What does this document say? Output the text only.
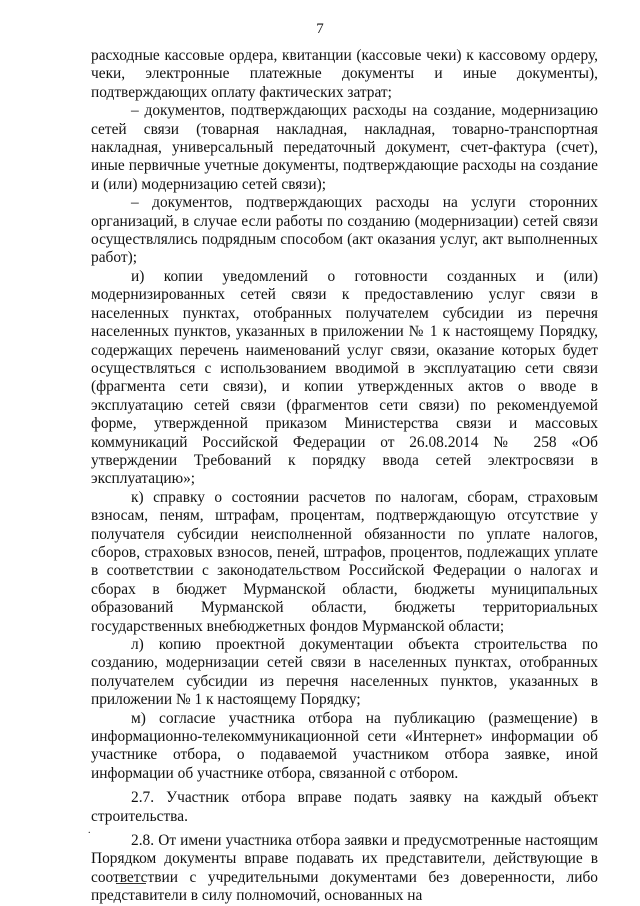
7

расходные кассовые ордера, квитанции (кассовые чеки) к кассовому ордеру, чеки, электронные платежные документы и иные документы), подтверждающих оплату фактических затрат;

– документов, подтверждающих расходы на создание, модернизацию сетей связи (товарная накладная, накладная, товарно-транспортная накладная, универсальный передаточный документ, счет-фактура (счет), иные первичные учетные документы, подтверждающие расходы на создание и (или) модернизацию сетей связи);

– документов, подтверждающих расходы на услуги сторонних организаций, в случае если работы по созданию (модернизации) сетей связи осуществлялись подрядным способом (акт оказания услуг, акт выполненных работ);

и) копии уведомлений о готовности созданных и (или) модернизированных сетей связи к предоставлению услуг связи в населенных пунктах, отобранных получателем субсидии из перечня населенных пунктов, указанных в приложении № 1 к настоящему Порядку, содержащих перечень наименований услуг связи, оказание которых будет осуществляться с использованием вводимой в эксплуатацию сети связи (фрагмента сети связи), и копии утвержденных актов о вводе в эксплуатацию сетей связи (фрагментов сети связи) по рекомендуемой форме, утвержденной приказом Министерства связи и массовых коммуникаций Российской Федерации от 26.08.2014 № 258 «Об утверждении Требований к порядку ввода сетей электросвязи в эксплуатацию»;

к) справку о состоянии расчетов по налогам, сборам, страховым взносам, пеням, штрафам, процентам, подтверждающую отсутствие у получателя субсидии неисполненной обязанности по уплате налогов, сборов, страховых взносов, пеней, штрафов, процентов, подлежащих уплате в соответствии с законодательством Российской Федерации о налогах и сборах в бюджет Мурманской области, бюджеты муниципальных образований Мурманской области, бюджеты территориальных государственных внебюджетных фондов Мурманской области;

л) копию проектной документации объекта строительства по созданию, модернизации сетей связи в населенных пунктах, отобранных получателем субсидии из перечня населенных пунктов, указанных в приложении № 1 к настоящему Порядку;

м) согласие участника отбора на публикацию (размещение) в информационно-телекоммуникационной сети «Интернет» информации об участнике отбора, о подаваемой участником отбора заявке, иной информации об участнике отбора, связанной с отбором.

2.7. Участник отбора вправе подать заявку на каждый объект строительства.

2.8. От имени участника отбора заявки и предусмотренные настоящим Порядком документы вправе подавать их представители, действующие в соответствии с учредительными документами без доверенности, либо представители в силу полномочий, основанных на

.
